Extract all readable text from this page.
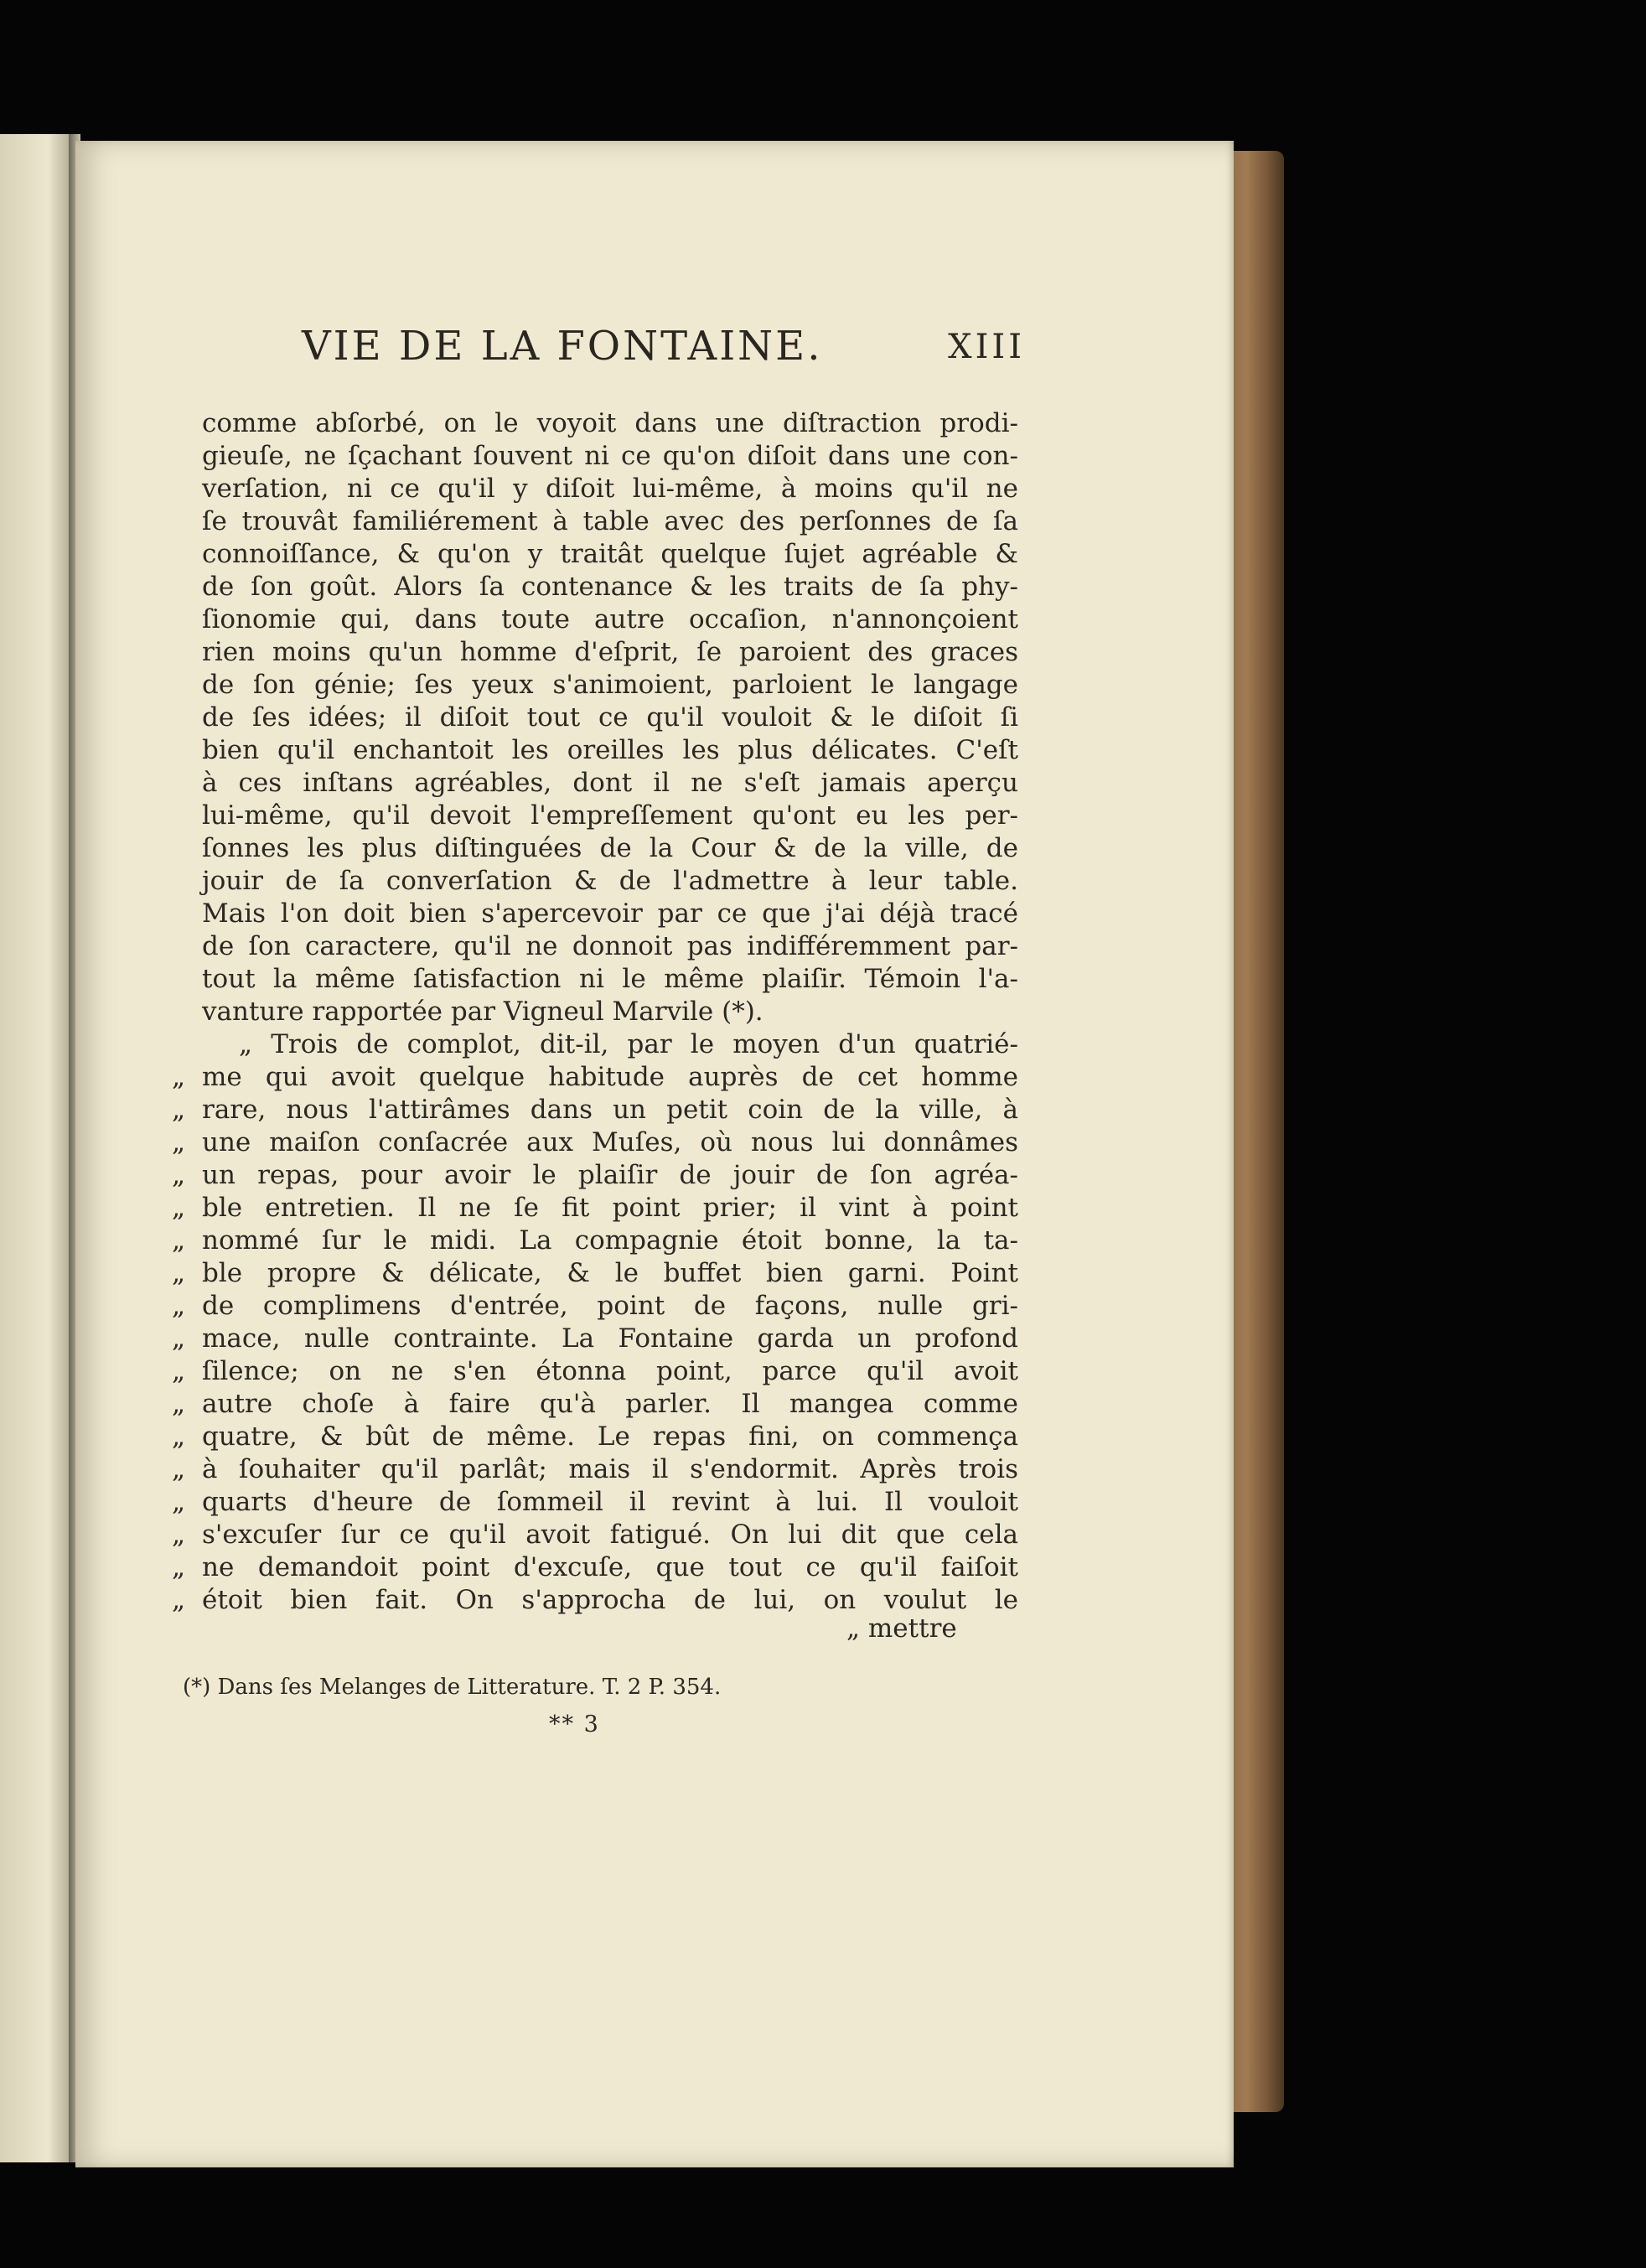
VIE DE LA FONTAINE.	XIII
comme abſorbé, on le voyoit dans une diſtraction prodi-
gieuſe, ne ſçachant ſouvent ni ce qu'on diſoit dans une con-
verſation, ni ce qu'il y diſoit lui-même, à moins qu'il ne
ſe trouvât familiérement à table avec des perſonnes de ſa
connoiſſance, & qu'on y traitât quelque ſujet agréable &
de ſon goût. Alors ſa contenance & les traits de ſa phy-
ſionomie qui, dans toute autre occaſion, n'annonçoient
rien moins qu'un homme d'eſprit, ſe paroient des graces
de ſon génie; ſes yeux s'animoient, parloient le langage
de ſes idées; il diſoit tout ce qu'il vouloit & le diſoit ſi
bien qu'il enchantoit les oreilles les plus délicates. C'eſt
à ces inſtans agréables, dont il ne s'eſt jamais aperçu
lui-même, qu'il devoit l'empreſſement qu'ont eu les per-
ſonnes les plus diſtinguées de la Cour & de la ville, de
jouir de ſa converſation & de l'admettre à leur table.
Mais l'on doit bien s'apercevoir par ce que j'ai déjà tracé
de ſon caractere, qu'il ne donnoit pas indifféremment par-
tout la même ſatisfaction ni le même plaiſir. Témoin l'a-
vanture rapportée par Vigneul Marvile (*).
„ Trois de complot, dit-il, par le moyen d'un quatrié-
„ me qui avoit quelque habitude auprès de cet homme
„ rare, nous l'attirâmes dans un petit coin de la ville, à
„ une maiſon conſacrée aux Muſes, où nous lui donnâmes
„ un repas, pour avoir le plaiſir de jouir de ſon agréa-
„ ble entretien. Il ne ſe fit point prier; il vint à point
„ nommé ſur le midi. La compagnie étoit bonne, la ta-
„ ble propre & délicate, & le buffet bien garni. Point
„ de complimens d'entrée, point de façons, nulle gri-
„ mace, nulle contrainte. La Fontaine garda un profond
„ ſilence; on ne s'en étonna point, parce qu'il avoit
„ autre choſe à faire qu'à parler. Il mangea comme
„ quatre, & bût de même. Le repas fini, on commença
„ à ſouhaiter qu'il parlât; mais il s'endormit. Après trois
„ quarts d'heure de ſommeil il revint à lui. Il vouloit
„ s'excuſer ſur ce qu'il avoit fatigué. On lui dit que cela
„ ne demandoit point d'excuſe, que tout ce qu'il faiſoit
„ étoit bien fait. On s'approcha de lui, on voulut le
„ mettre
(*) Dans ſes Melanges de Litterature. T. 2 P. 354.
** 3
